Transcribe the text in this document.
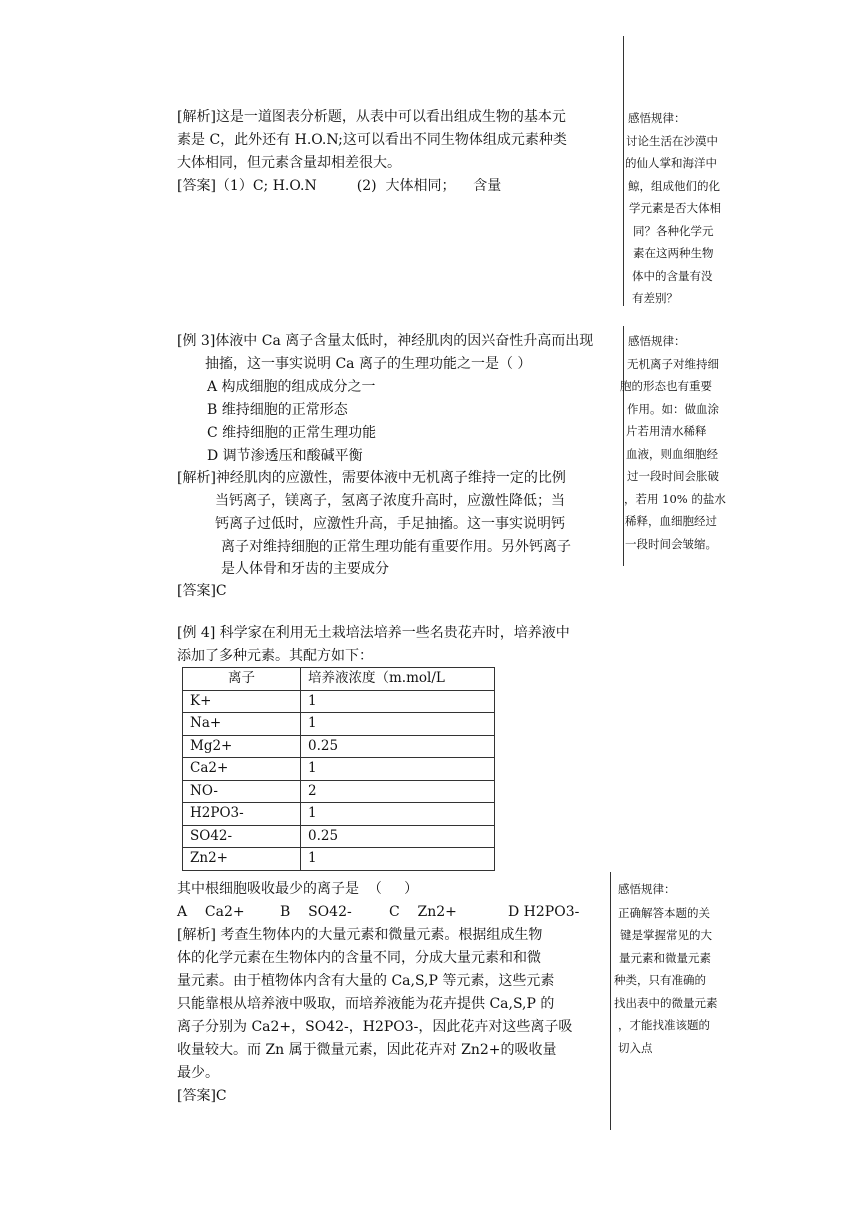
[解析]这是一道图表分析题，从表中可以看出组成生物的基本元
素是 C，此外还有 H.O.N;这可以看出不同生物体组成元素种类
大体相同，但元素含量却相差很大。
[答案]（1）C; H.O.N         (2)  大体相同；    含量
感悟规律：
讨论生活在沙漠中
的仙人掌和海洋中
鲸，组成他们的化
学元素是否大体相
同？各种化学元
素在这两种生物
体中的含量有没
有差别？
[例 3]体液中 Ca 离子含量太低时，神经肌肉的因兴奋性升高而出现
抽搐，这一事实说明 Ca 离子的生理功能之一是（ ）
A 构成细胞的组成成分之一
B 维持细胞的正常形态
C 维持细胞的正常生理功能
D 调节渗透压和酸碱平衡
[解析]神经肌肉的应激性，需要体液中无机离子维持一定的比例
当钙离子，镁离子，氢离子浓度升高时，应激性降低；当
钙离子过低时，应激性升高，手足抽搐。这一事实说明钙
离子对维持细胞的正常生理功能有重要作用。另外钙离子
是人体骨和牙齿的主要成分
[答案]C
感悟规律：
无机离子对维持细
胞的形态也有重要
作用。如：做血涂
片若用清水稀释
血液，则血细胞经
过一段时间会胀破
，若用 10% 的盐水
稀释，血细胞经过
一段时间会皱缩。
[例 4] 科学家在利用无土栽培法培养一些名贵花卉时，培养液中
添加了多种元素。其配方如下：
离子	培养液浓度（m.mol/L
K+	1
Na+	1
Mg2+	0.25
Ca2+	1
NO-	2
H2PO3-	1
SO42-	0.25
Zn2+	1
其中根细胞吸收最少的离子是  （     ）
A    Ca2+	B    SO42-	C    Zn2+	D H2PO3-
[解析] 考查生物体内的大量元素和微量元素。根据组成生物
体的化学元素在生物体内的含量不同，分成大量元素和和微
量元素。由于植物体内含有大量的 Ca,S,P 等元素，这些元素
只能靠根从培养液中吸取，而培养液能为花卉提供 Ca,S,P 的
离子分别为 Ca2+，SO42-，H2PO3-，因此花卉对这些离子吸
收量较大。而 Zn 属于微量元素，因此花卉对 Zn2+的吸收量
最少。
[答案]C
感悟规律：
正确解答本题的关
键是掌握常见的大
量元素和微量元素
种类，只有准确的
找出表中的微量元素
，才能找准该题的
切入点
